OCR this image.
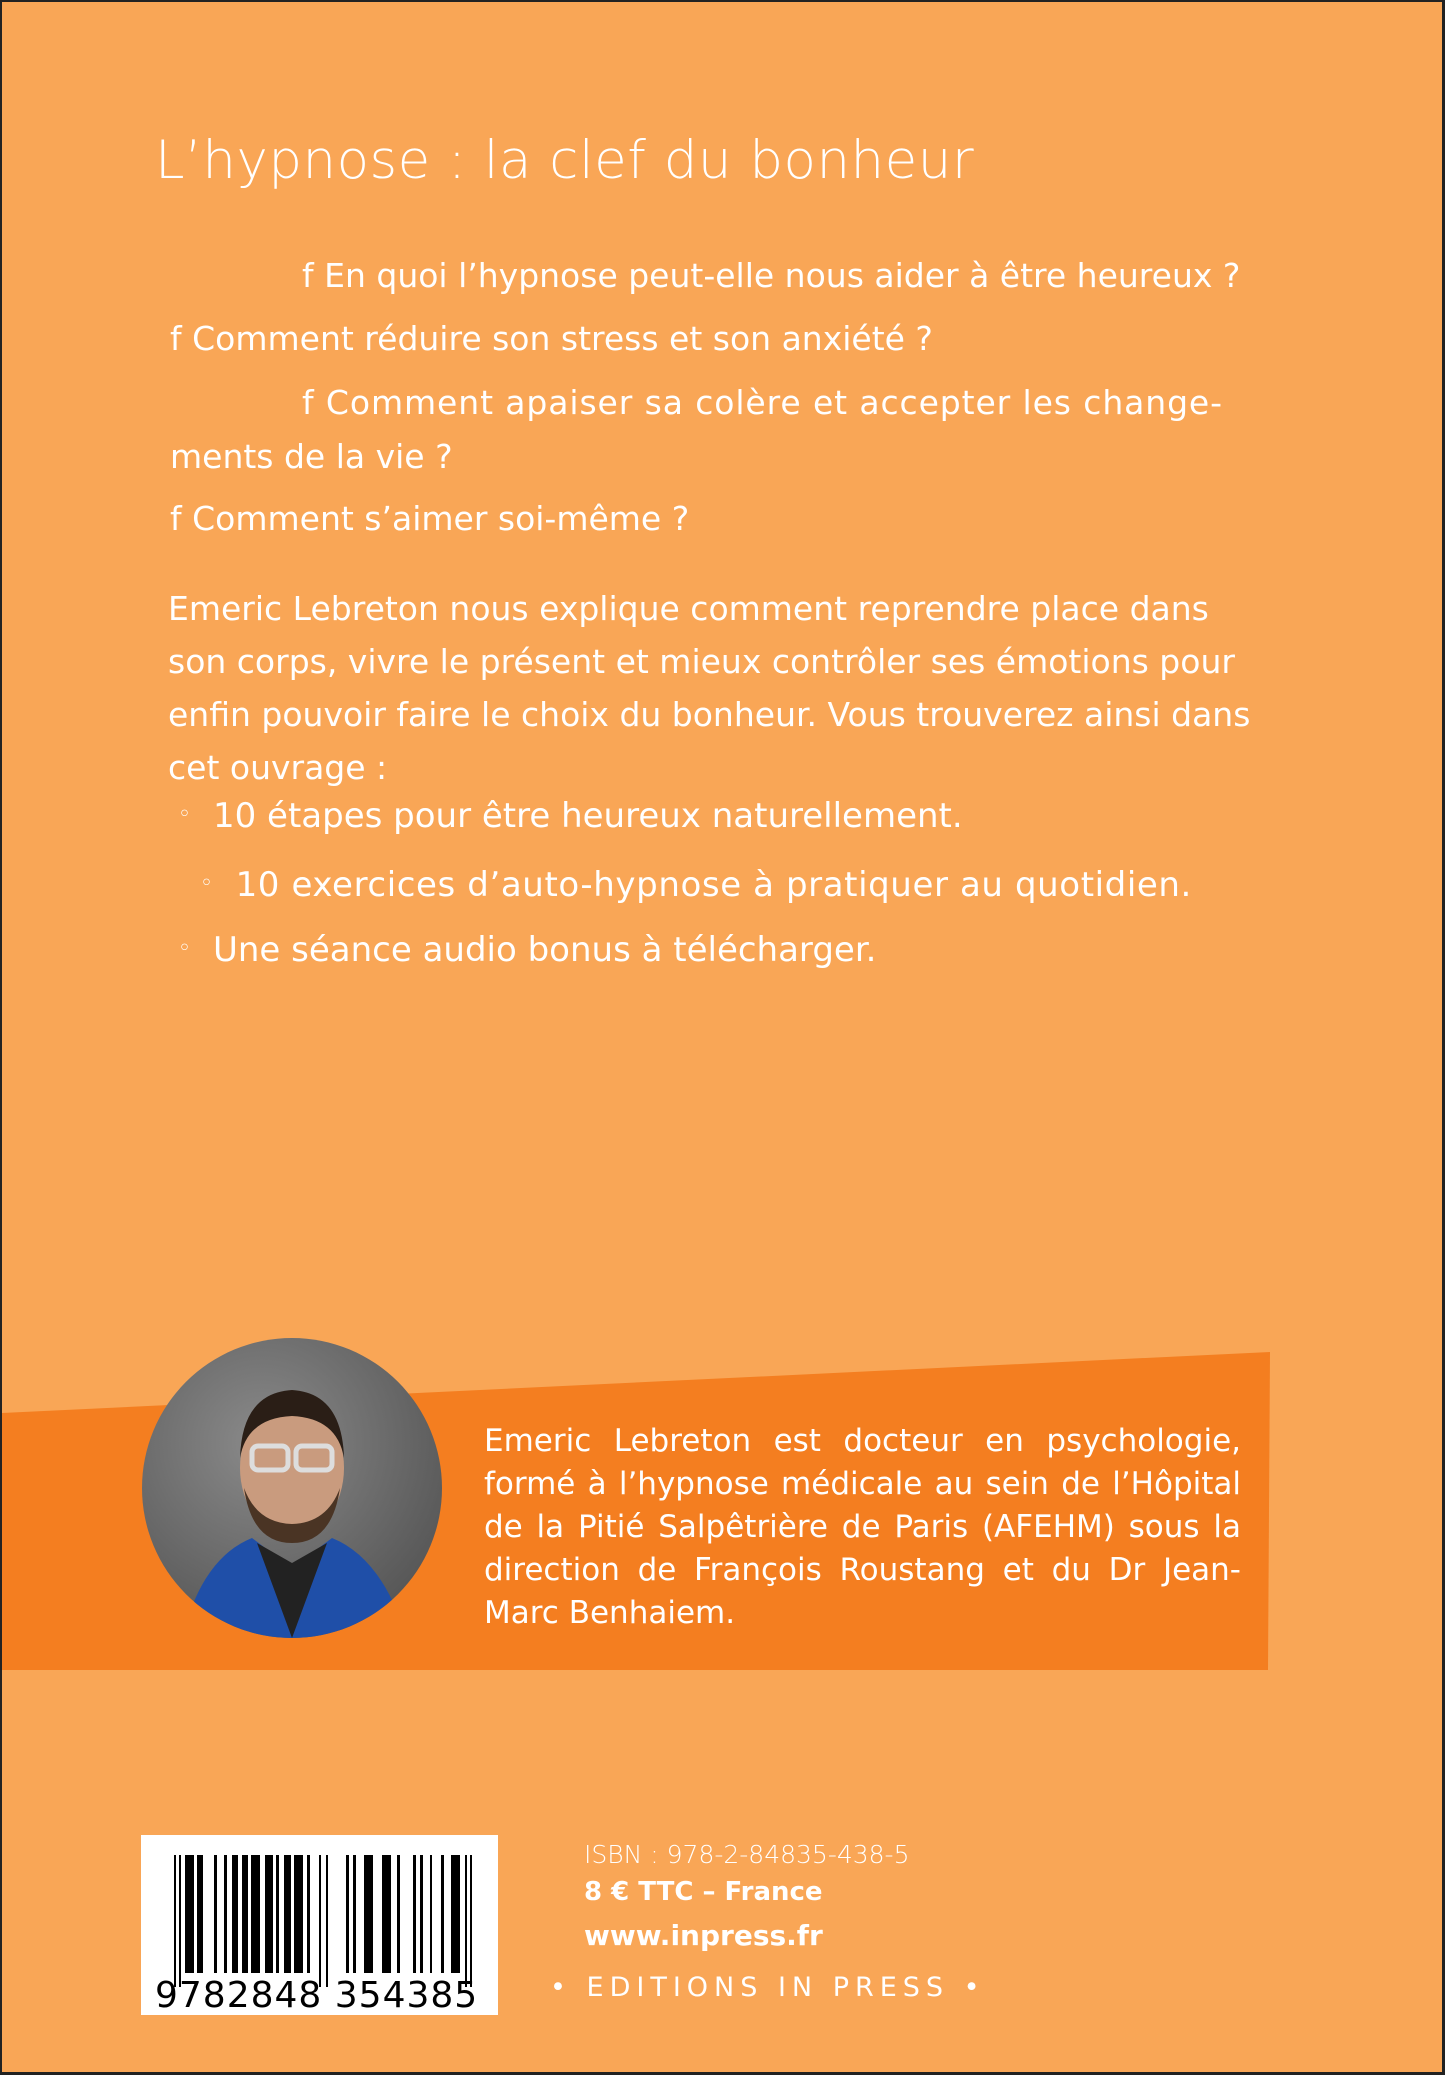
L’hypnose : la clef du bonheur
f En quoi l’hypnose peut-elle nous aider à être heureux ?
f Comment réduire son stress et son anxiété ?
f Comment apaiser sa colère et accepter les change-
ments de la vie ?
f Comment s’aimer soi-même ?

Emeric Lebreton nous explique comment reprendre place dans son corps, vivre le présent et mieux contrôler ses émotions pour enfin pouvoir faire le choix du bonheur. Vous trouverez ainsi dans cet ouvrage :

◦ 10 étapes pour être heureux naturellement.
◦ 10 exercices d’auto-hypnose à pratiquer au quotidien.
◦ Une séance audio bonus à télécharger.

Emeric Lebreton est docteur en psychologie, formé à l’hypnose médicale au sein de l’Hôpital de la Pitié Salpêtrière de Paris (AFEHM) sous la direction de François Roustang et du Dr Jean-Marc Benhaiem.

9782848 354385
ISBN : 978-2-84835-438-5
8 € TTC – France
www.inpress.fr
• EDITIONS IN PRESS •
